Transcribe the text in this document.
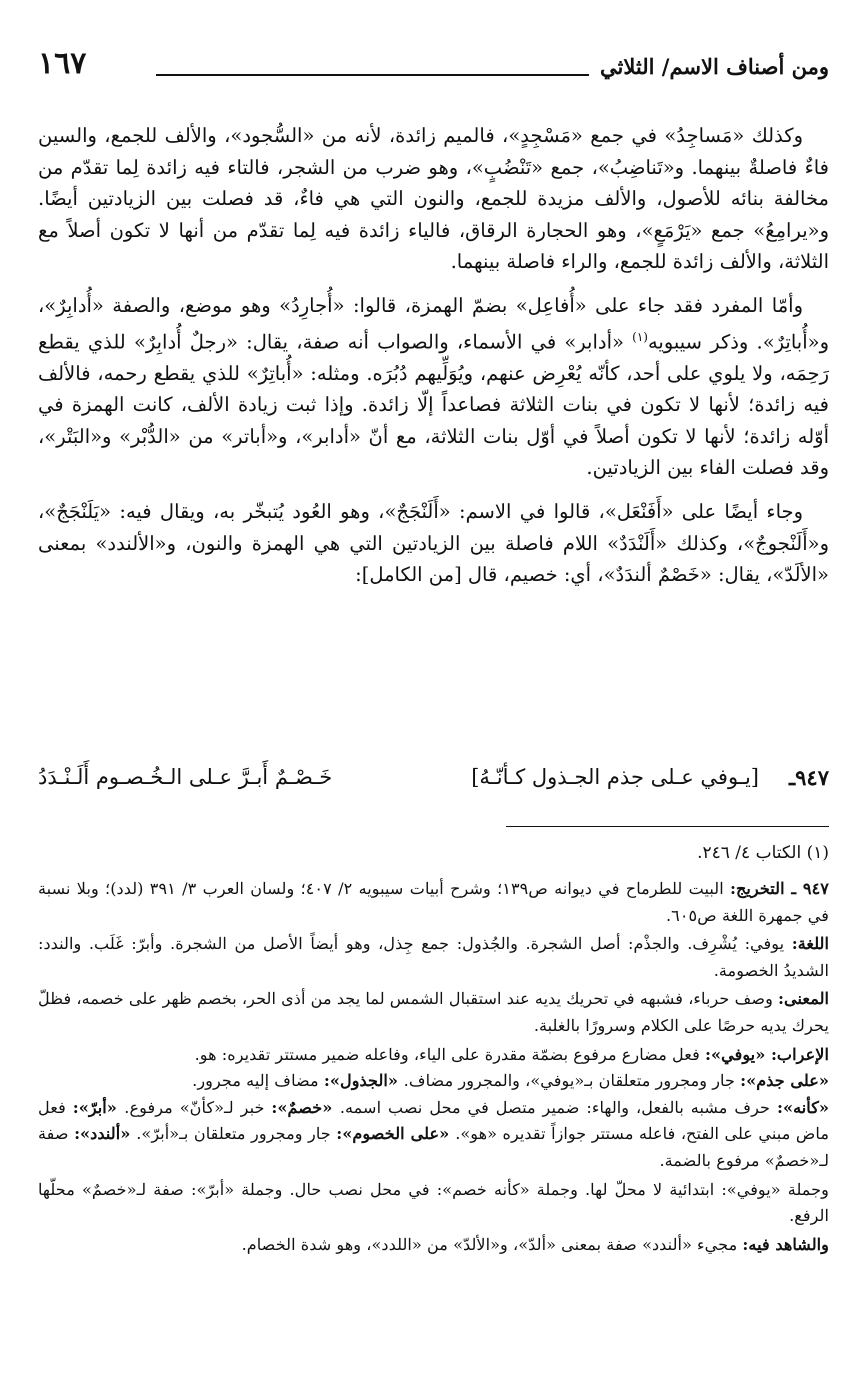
ومن أصناف الاسم/ الثلاثي
١٦٧

وكذلك «مَساجِدُ» في جمع «مَسْجِدٍ»، فالميم زائدة، لأنه من «السُّجود»، والألف للجمع، والسين فاءٌ فاصلةٌ بينهما. و«تَناضِبُ»، جمع «تَنْضُبٍ»، وهو ضرب من الشجر، فالتاء فيه زائدة لِما تقدّم من مخالفة بنائه للأصول، والألف مزيدة للجمع، والنون التي هي فاءٌ، قد فصلت بين الزيادتين أيضًا. و«يرامِعُ» جمع «يَرْمَعٍ»، وهو الحجارة الرقاق، فالياء زائدة فيه لِما تقدّم من أنها لا تكون أصلاً مع الثلاثة، والألف زائدة للجمع، والراء فاصلة بينهما.

وأمّا المفرد فقد جاء على «أُفاعِل» بضمّ الهمزة، قالوا: «أُجارِدُ» وهو موضع، والصفة «أُدابِرٌ»، و«أُباتِرٌ». وذكر سيبويه$^{(١)}$ «أدابر» في الأسماء، والصواب أنه صفة، يقال: «رجلٌ أُدابِرٌ» للذي يقطع رَحِمَه، ولا يلوي على أحد، كأنّه يُعْرِض عنهم، ويُوَلِّيهم دُبُرَه. ومثله: «أُباتِرٌ» للذي يقطع رحمه، فالألف فيه زائدة؛ لأنها لا تكون في بنات الثلاثة فصاعداً إلّا زائدة. وإذا ثبت زيادة الألف، كانت الهمزة في أوّله زائدة؛ لأنها لا تكون أصلاً في أوّل بنات الثلاثة، مع أنّ «أدابر»، و«أباتر» من «الدُّبْر» و«البَتْر»، وقد فصلت الفاء بين الزيادتين.

وجاء أيضًا على «أَفَنْعَل»، قالوا في الاسم: «أَلَنْجَجٌ»، وهو العُود يُتبخّر به، ويقال فيه: «يَلَنْجَجٌ»، و«أَلَنْجوجٌ»، وكذلك «أَلَنْدَدٌ» اللام فاصلة بين الزيادتين التي هي الهمزة والنون، و«الألندد» بمعنى «الألَدّ»، يقال: «خَصْمٌ ألندَدٌ»، أي: خصيم، قال [من الكامل]:

٩٤٧ـ
[يـوفي عـلى جذم الجـذول كـأنّـهُ]
خَـصْـمٌ أَبـرَّ عـلى الـخُـصـوم أَلَـنْـدَدُ
(١) الكتاب ٤/ ٢٤٦.

٩٤٧ ـ التخريج: البيت للطرماح في ديوانه ص١٣٩؛ وشرح أبيات سيبويه ٢/ ٤٠٧؛ ولسان العرب ٣/ ٣٩١ (لدد)؛ وبلا نسبة في جمهرة اللغة ص٦٠٥.

اللغة: يوفي: يُشْرِف. والجذْم: أصل الشجرة. والجُذول: جمع جِذل، وهو أيضاً الأصل من الشجرة. وأبرّ: غَلَب. والندد: الشديدُ الخصومة.

المعنى: وصف حرباء، فشبهه في تحريك يديه عند استقبال الشمس لما يجد من أذى الحر، بخصم ظهر على خصمه، فظلّ يحرك يديه حرصًا على الكلام وسرورًا بالغلبة.

الإعراب: «يوفي»: فعل مضارع مرفوع بضمّة مقدرة على الياء، وفاعله ضمير مستتر تقديره: هو.
«على جذم»: جار ومجرور متعلقان بـ«يوفي»، والمجرور مضاف. «الجذول»: مضاف إليه مجرور.
«كأنه»: حرف مشبه بالفعل، والهاء: ضمير متصل في محل نصب اسمه. «خصمٌ»: خبر لـ«كأنّ» مرفوع. «أبرّ»: فعل ماض مبني على الفتح، فاعله مستتر جوازاً تقديره «هو». «على الخصوم»: جار ومجرور متعلقان بـ«أبرّ». «ألندد»: صفة لـ«خصمٌ» مرفوع بالضمة.

وجملة «يوفي»: ابتدائية لا محلّ لها. وجملة «كأنه خصم»: في محل نصب حال. وجملة «أبرّ»: صفة لـ«خصمٌ» محلّها الرفع.

والشاهد فيه: مجيء «ألندد» صفة بمعنى «ألدّ»، و«الألدّ» من «اللدد»، وهو شدة الخصام.
